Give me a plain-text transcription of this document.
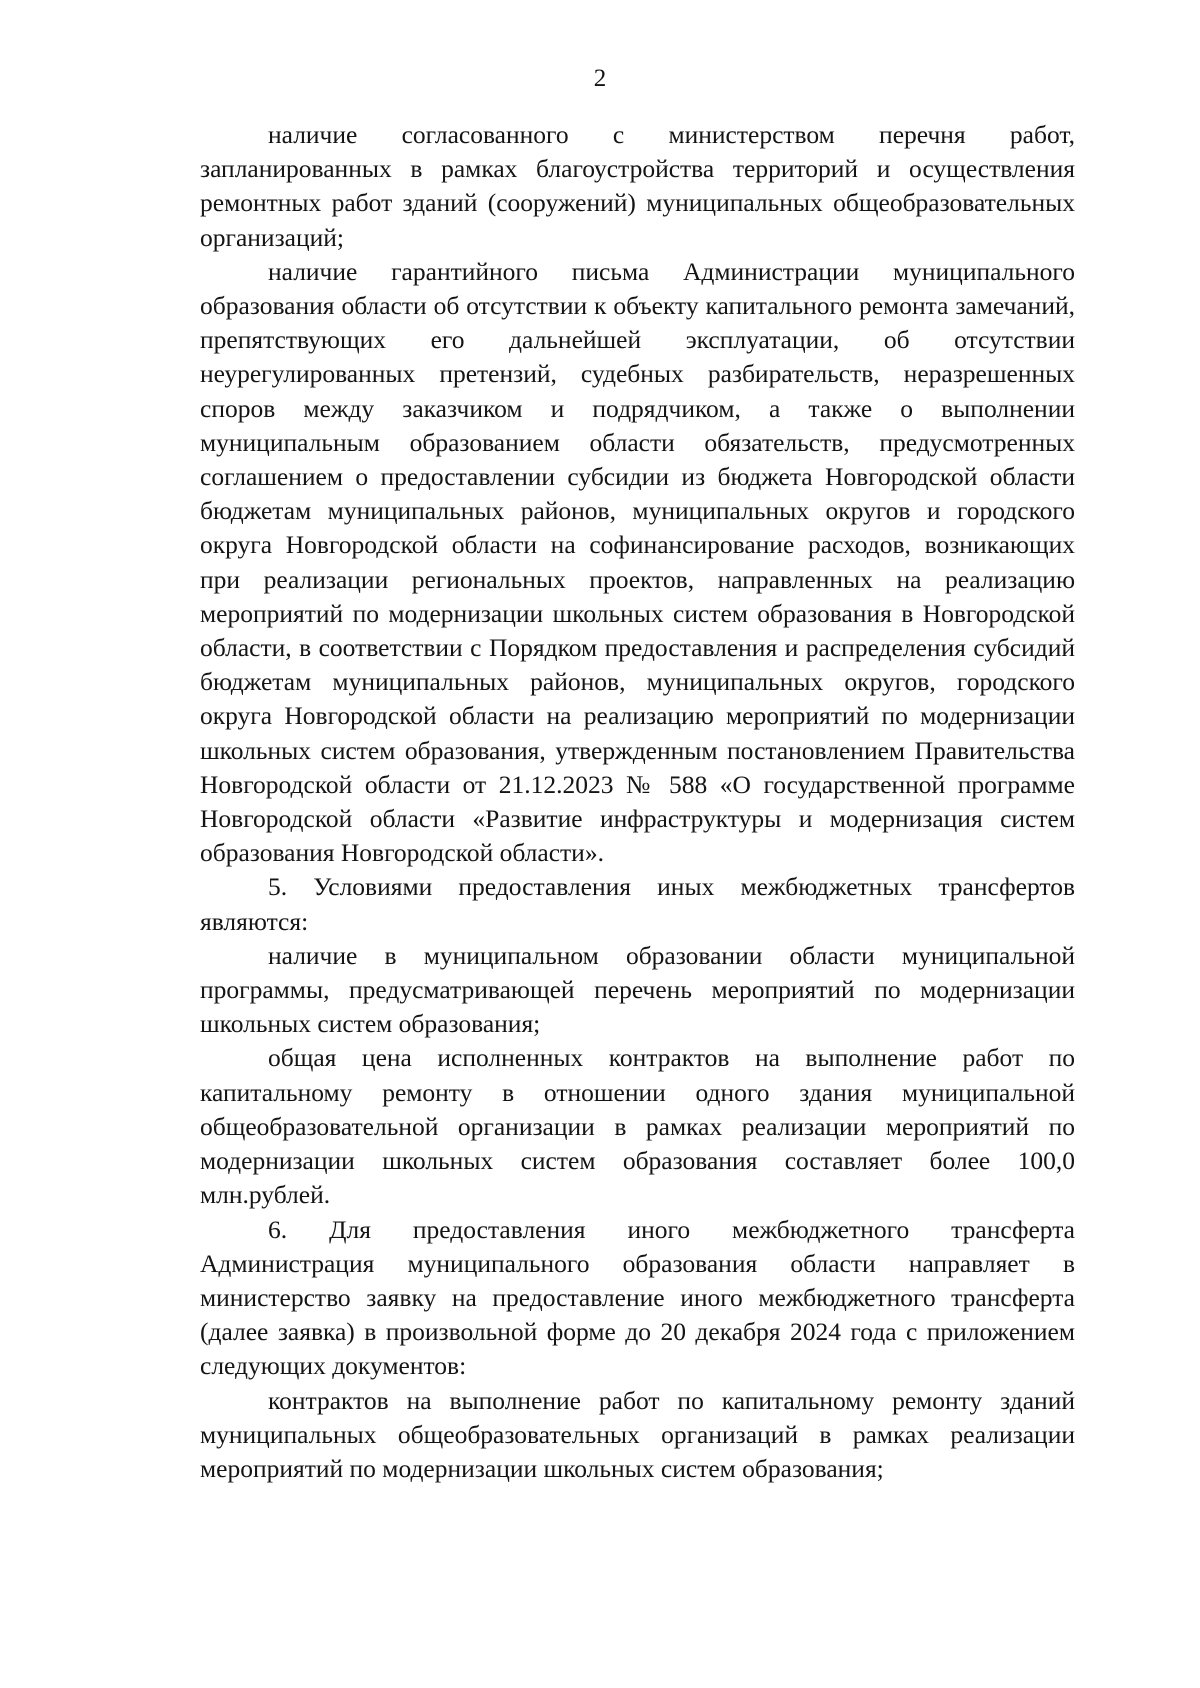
2

наличие согласованного с министерством перечня работ, запланированных в рамках благоустройства территорий и осуществления ремонтных работ зданий (сооружений) муниципальных общеобразовательных организаций;

наличие гарантийного письма Администрации муниципального образования области об отсутствии к объекту капитального ремонта замечаний, препятствующих его дальнейшей эксплуатации, об отсутствии неурегулированных претензий, судебных разбирательств, неразрешенных споров между заказчиком и подрядчиком, а также о выполнении муниципальным образованием области обязательств, предусмотренных соглашением о предоставлении субсидии из бюджета Новгородской области бюджетам муниципальных районов, муниципальных округов и городского округа Новгородской области на софинансирование расходов, возникающих при реализации региональных проектов, направленных на реализацию мероприятий по модернизации школьных систем образования в Новгородской области, в соответствии с Порядком предоставления и распределения субсидий бюджетам муниципальных районов, муниципальных округов, городского округа Новгородской области на реализацию мероприятий по модернизации школьных систем образования, утвержденным постановлением Правительства Новгородской области от 21.12.2023 № 588 «О государственной программе Новгородской области «Развитие инфраструктуры и модернизация систем образования Новгородской области».

5. Условиями предоставления иных межбюджетных трансфертов являются:

наличие в муниципальном образовании области муниципальной программы, предусматривающей перечень мероприятий по модернизации школьных систем образования;

общая цена исполненных контрактов на выполнение работ по капитальному ремонту в отношении одного здания муниципальной общеобразовательной организации в рамках реализации мероприятий по модернизации школьных систем образования составляет более 100,0 млн.рублей.

6. Для предоставления иного межбюджетного трансферта Администрация муниципального образования области направляет в министерство заявку на предоставление иного межбюджетного трансферта (далее заявка) в произвольной форме до 20 декабря 2024 года с приложением следующих документов:

контрактов на выполнение работ по капитальному ремонту зданий муниципальных общеобразовательных организаций в рамках реализации мероприятий по модернизации школьных систем образования;
